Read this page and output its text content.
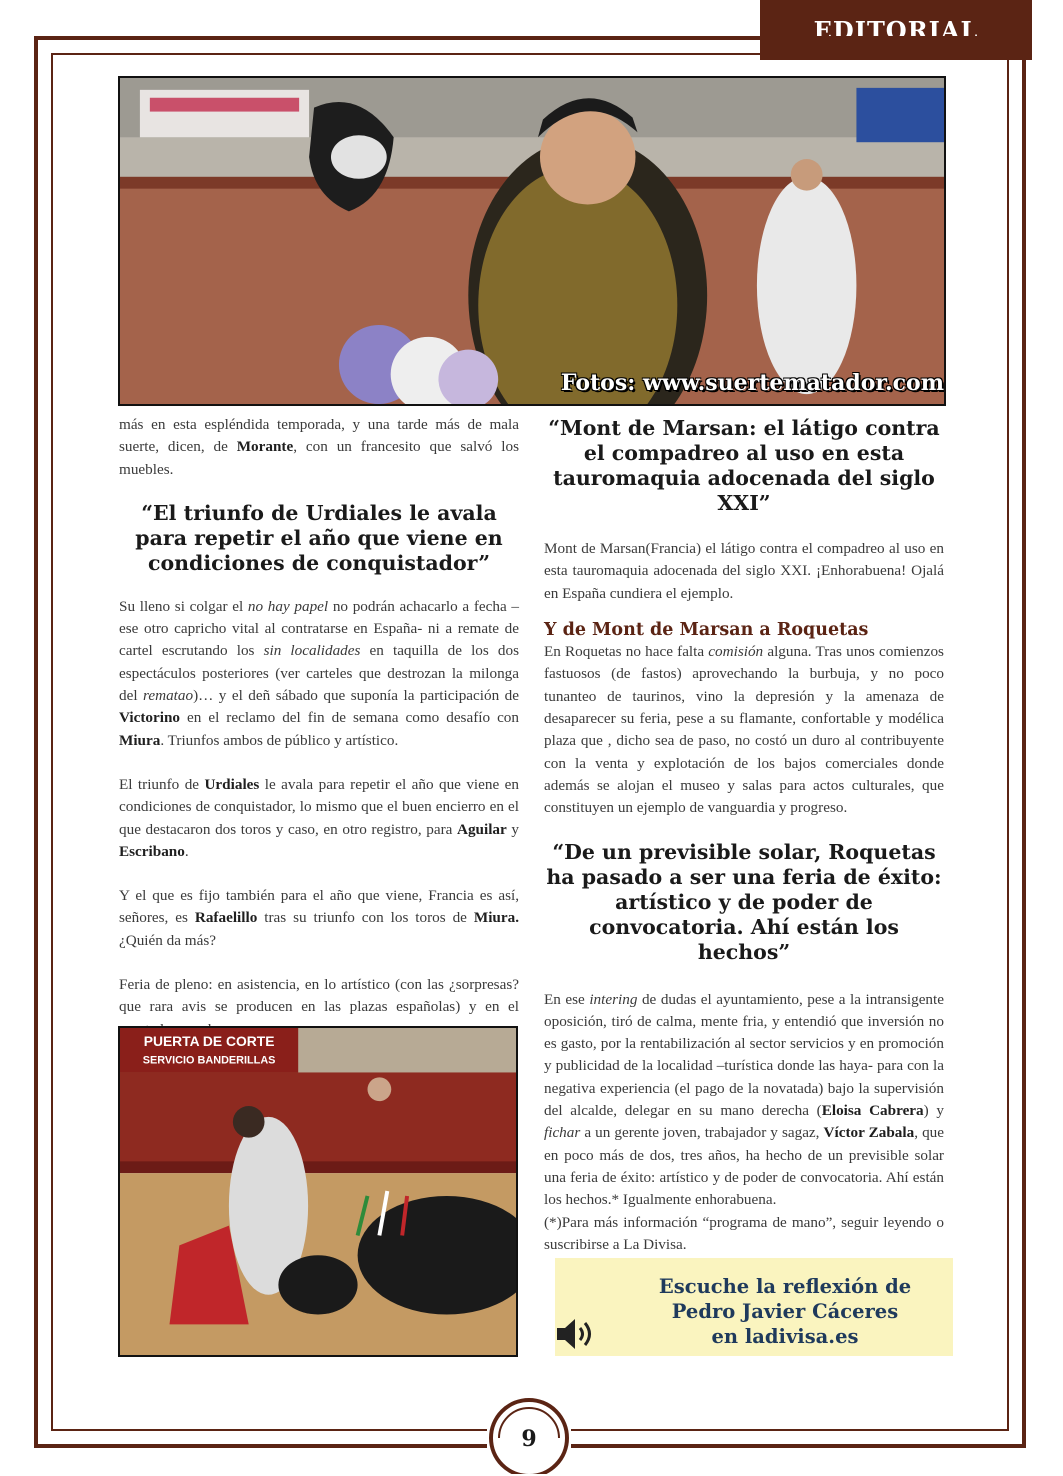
EDITORIAL
Fotos: www.suertematador.com

más en esta espléndida temporada, y una tarde más de mala suerte, dicen, de Morante, con un francesito que salvó los muebles.

“El triunfo de Urdiales le avala para repetir el año que viene en condiciones de conquistador”

Su lleno si colgar el no hay papel no podrán achacarlo a fecha –ese otro capricho vital al contratarse en España- ni a remate de cartel escrutando los sin localidades en taquilla de los dos espectáculos posteriores (ver carteles que destrozan la milonga del rematao)… y el deñ sábado que suponía la participación de Victorino en el reclamo del fin de semana como desafío con Miura. Triunfos ambos de público y artístico.

El triunfo de Urdiales le avala para repetir el año que viene en condiciones de conquistador, lo mismo que el buen encierro en el que destacaron dos toros y caso, en otro registro, para Aguilar y Escribano.

Y el que es fijo también para el año que viene, Francia es así, señores, es Rafaelillo tras su triunfo con los toros de Miura. ¿Quién da más?

Feria de pleno: en asistencia, en lo artístico (con las ¿sorpresas? que rara avis se producen en las plazas españolas) y en el

PUERTA DE CORTE
SERVICIO BANDERILLAS
“Mont de Marsan: el látigo contra el compadreo al uso en esta tauromaquia adocenada del siglo XXI”

Mont de Marsan(Francia) el látigo contra el compadreo al uso en esta tauromaquia adocenada del siglo XXI. ¡Enhorabuena! Ojalá en España cundiera el ejemplo.

Y de Mont de Marsan a Roquetas

En Roquetas no hace falta comisión alguna. Tras unos comienzos fastuosos (de fastos) aprovechando la burbuja, y no poco tunanteo de taurinos, vino la depresión y la amenaza de desaparecer su feria, pese a su flamante, confortable y modélica plaza que , dicho sea de paso, no costó un duro al contribuyente con la venta y explotación de los bajos comerciales donde además se alojan el museo y salas para actos culturales, que constituyen un ejemplo de vanguardia y progreso.

“De un previsible solar, Roquetas ha pasado a ser una feria de éxito: artístico y de poder de convocatoria. Ahí están los hechos”

En ese intering de dudas el ayuntamiento, pese a la intransigente oposición, tiró de calma, mente fria, y entendió que inversión no es gasto, por la rentabilización al sector servicios y en promoción y publicidad de la localidad –turística donde las haya- para con la negativa experiencia (el pago de la novatada) bajo la supervisión del alcalde, delegar en su mano derecha (Eloisa Cabrera) y fichar a un gerente joven, trabajador y sagaz, Víctor Zabala, que en poco más de dos, tres años, ha hecho de un previsible solar una feria de éxito: artístico y de poder de convocatoria. Ahí están los hechos.* Igualmente enhorabuena.

(*)Para más información “programa de mano”, seguir leyendo o suscribirse a La Divisa.

Escuche la reflexión de
Pedro Javier Cáceres
en ladivisa.es
9
